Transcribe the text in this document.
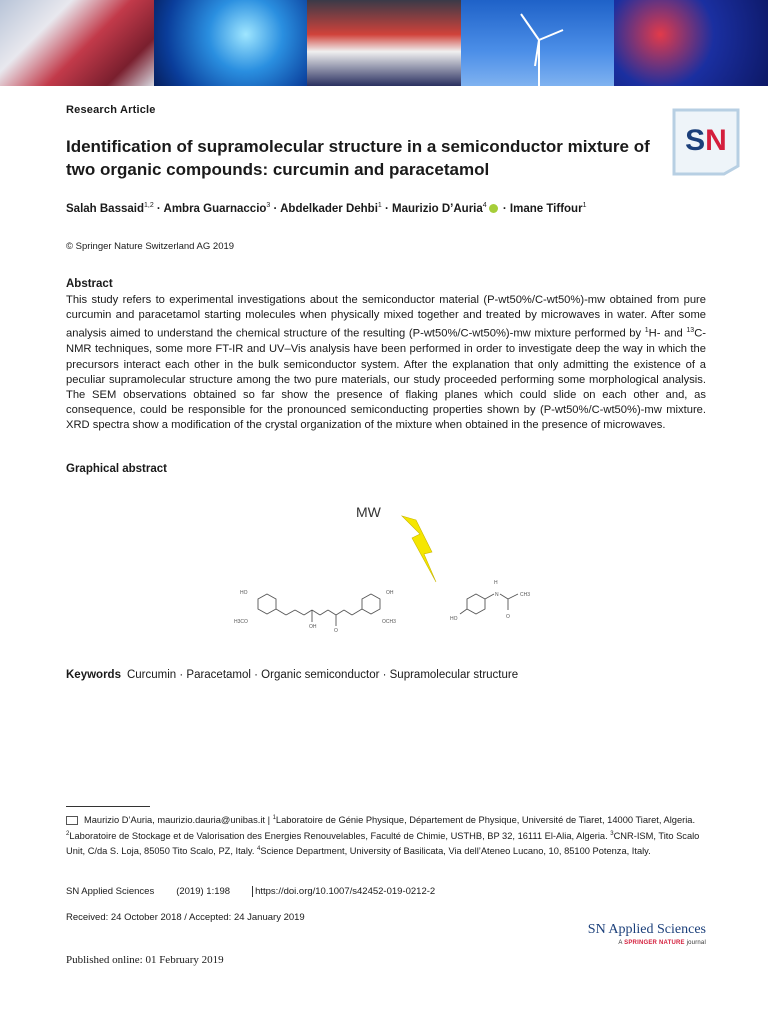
SN
Research Article
Identification of supramolecular structure in a semiconductor mixture of two organic compounds: curcumin and paracetamol
Salah Bassaid$^{1,2}$ · Ambra Guarnaccio$^3$ · Abdelkader Dehbi$^1$ · Maurizio D’Auria$^4$ · Imane Tiffour$^1$
© Springer Nature Switzerland AG 2019
Abstract
This study refers to experimental investigations about the semiconductor material (P-wt50%/C-wt50%)-mw obtained from pure curcumin and paracetamol starting molecules when physically mixed together and treated by microwaves in water. After some analysis aimed to understand the chemical structure of the resulting (P-wt50%/C-wt50%)-mw mixture performed by $^1$H- and $^{13}$C-NMR techniques, some more FT-IR and UV–Vis analysis have been performed in order to investigate deep the way in which the precursors interact each other in the bulk semiconductor system. After the explanation that only admitting the existence of a peculiar supramolecular structure among the two pure materials, our study proceeded performing some morphological analysis. The SEM observations obtained so far show the presence of flaking planes which could slide on each other and, as consequence, could be responsible for the pronounced semiconducting properties shown by (P-wt50%/C-wt50%)-mw mixture. XRD spectra show a modification of the crystal organization of the mixture when obtained in the presence of microwaves.
Graphical abstract
MW
HO
H3CO
OH
O
OH
OCH3	HO
H
N
O
CH3
Keywords Curcumin · Paracetamol · Organic semiconductor · Supramolecular structure
Maurizio D’Auria, maurizio.dauria@unibas.it | $^1$Laboratoire de Génie Physique, Département de Physique, Université de Tiaret, 14000 Tiaret, Algeria. $^2$Laboratoire de Stockage et de Valorisation des Energies Renouvelables, Faculté de Chimie, USTHB, BP 32, 16111 El-Alia, Algeria. $^3$CNR-ISM, Tito Scalo Unit, C/da S. Loja, 85050 Tito Scalo, PZ, Italy. $^4$Science Department, University of Basilicata, Via dell’Ateneo Lucano, 10, 85100 Potenza, Italy.
SN Applied Sciences (2019) 1:198	https://doi.org/10.1007/s42452-019-0212-2
Received: 24 October 2018 / Accepted: 24 January 2019
Published online: 01 February 2019
SN Applied Sciences
A SPRINGER NATURE journal
